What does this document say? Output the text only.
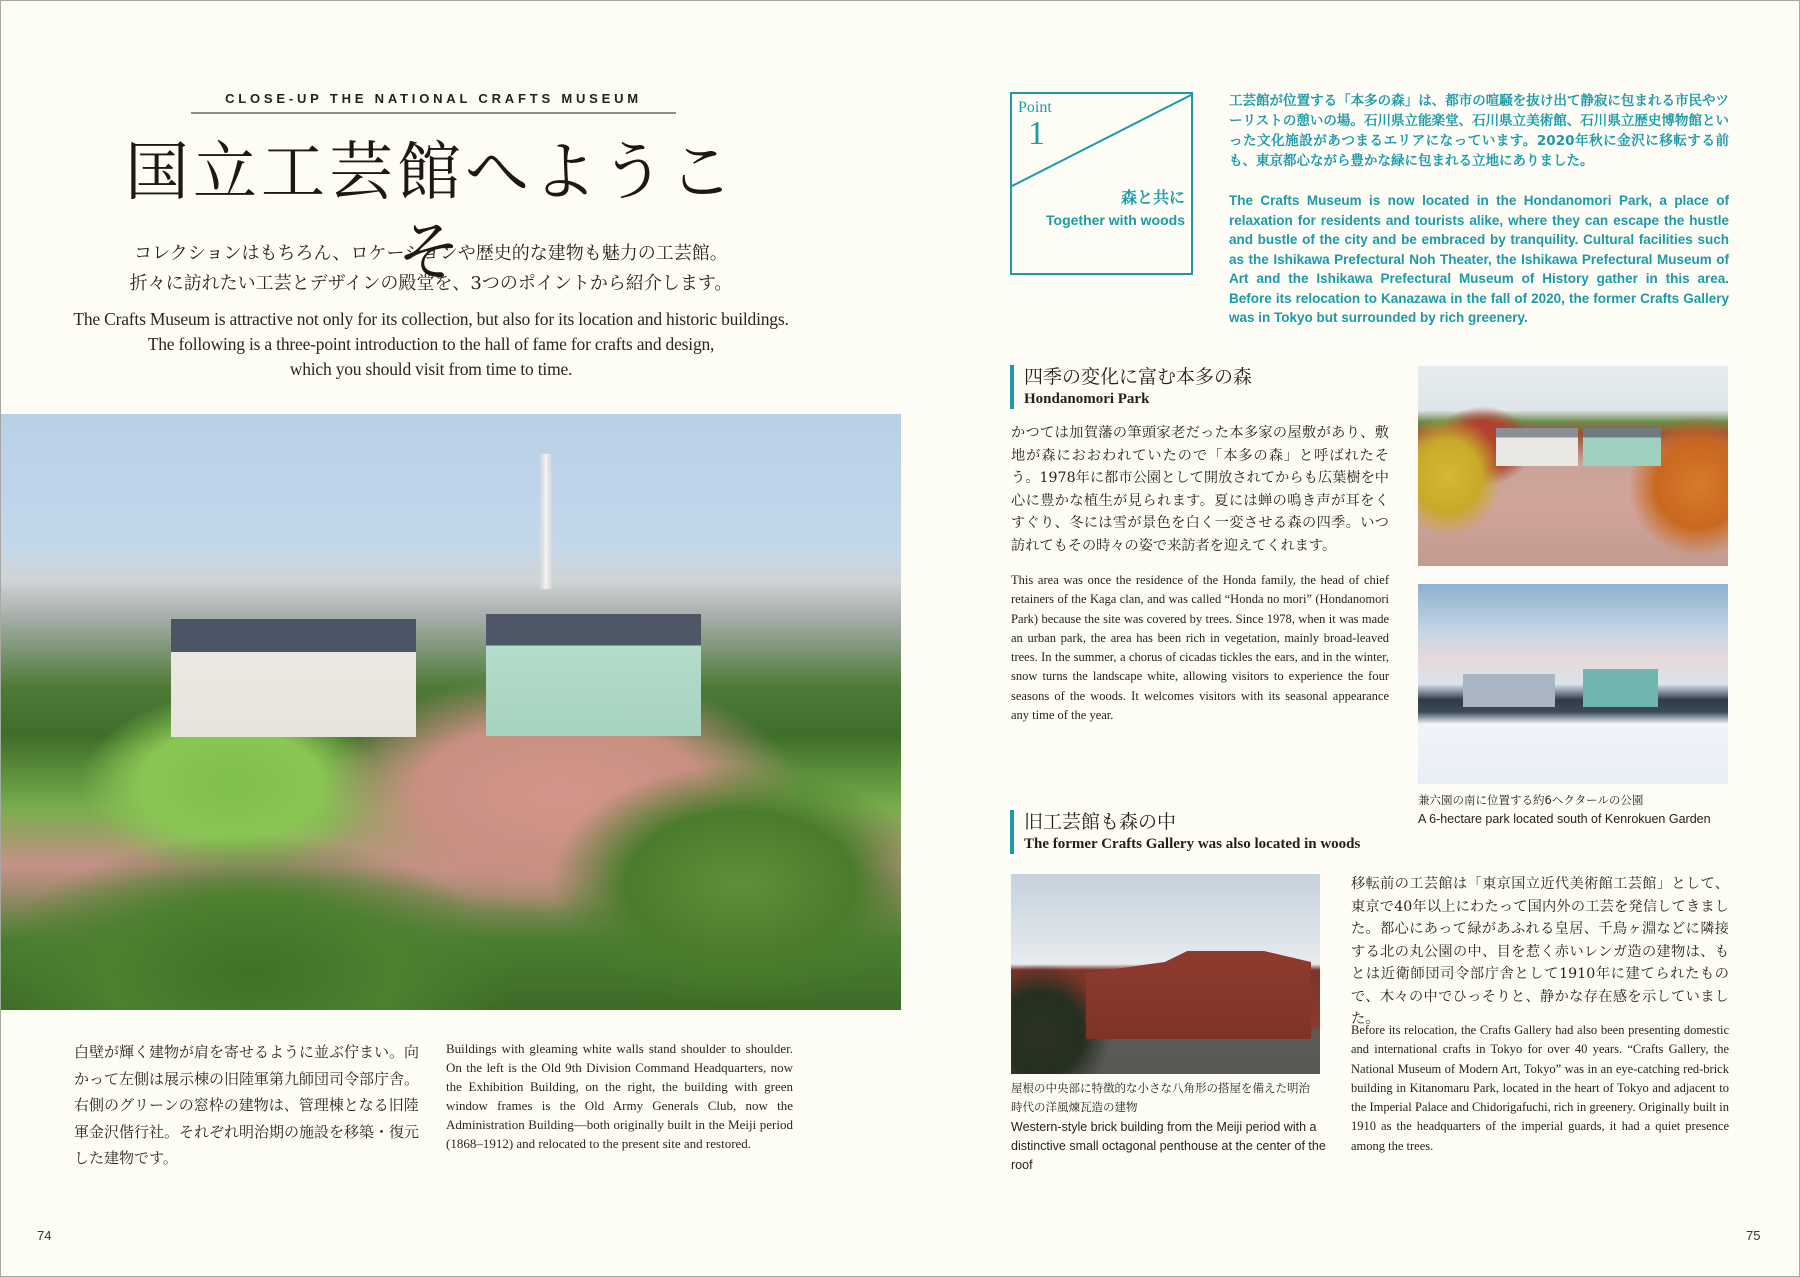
CLOSE-UP THE NATIONAL CRAFTS MUSEUM
国立工芸館へようこそ
コレクションはもちろん、ロケーションや歴史的な建物も魅力の工芸館。
折々に訪れたい工芸とデザインの殿堂を、3つのポイントから紹介します。
The Crafts Museum is attractive not only for its collection, but also for its location and historic buildings.
The following is a three-point introduction to the hall of fame for crafts and design,
which you should visit from time to time.
白壁が輝く建物が肩を寄せるように並ぶ佇まい。向かって左側は展示棟の旧陸軍第九師団司令部庁舎。右側のグリーンの窓枠の建物は、管理棟となる旧陸軍金沢偕行社。それぞれ明治期の施設を移築・復元した建物です。
Buildings with gleaming white walls stand shoulder to shoulder. On the left is the Old 9th Division Command Headquarters, now the Exhibition Building, on the right, the building with green window frames is the Old Army Generals Club, now the Administration Building—both originally built in the Meiji period (1868–1912) and relocated to the present site and restored.
74
Point
1
森と共に
Together with woods
工芸館が位置する「本多の森」は、都市の喧騒を抜け出て静寂に包まれる市民やツーリストの憩いの場。石川県立能楽堂、石川県立美術館、石川県立歴史博物館といった文化施設があつまるエリアになっています。2020年秋に金沢に移転する前も、東京都心ながら豊かな緑に包まれる立地にありました。
The Crafts Museum is now located in the Hondanomori Park, a place of relaxation for residents and tourists alike, where they can escape the hustle and bustle of the city and be embraced by tranquility. Cultural facilities such as the Ishikawa Prefectural Noh Theater, the Ishikawa Prefectural Museum of Art and the Ishikawa Prefectural Museum of History gather in this area. Before its relocation to Kanazawa in the fall of 2020, the former Crafts Gallery was in Tokyo but surrounded by rich greenery.
四季の変化に富む本多の森
Hondanomori Park
かつては加賀藩の筆頭家老だった本多家の屋敷があり、敷地が森におおわれていたので「本多の森」と呼ばれたそう。1978年に都市公園として開放されてからも広葉樹を中心に豊かな植生が見られます。夏には蝉の鳴き声が耳をくすぐり、冬には雪が景色を白く一変させる森の四季。いつ訪れてもその時々の姿で来訪者を迎えてくれます。
This area was once the residence of the Honda family, the head of chief retainers of the Kaga clan, and was called “Honda no mori” (Hondanomori Park) because the site was covered by trees. Since 1978, when it was made an urban park, the area has been rich in vegetation, mainly broad-leaved trees. In the summer, a chorus of cicadas tickles the ears, and in the winter, snow turns the landscape white, allowing visitors to experience the four seasons of the woods. It welcomes visitors with its seasonal appearance any time of the year.
兼六園の南に位置する約6ヘクタールの公園
A 6-hectare park located south of Kenrokuen Garden
旧工芸館も森の中
The former Crafts Gallery was also located in woods
屋根の中央部に特徴的な小さな八角形の搭屋を備えた明治時代の洋風煉瓦造の建物
Western-style brick building from the Meiji period with a distinctive small octagonal penthouse at the center of the roof
移転前の工芸館は「東京国立近代美術館工芸館」として、東京で40年以上にわたって国内外の工芸を発信してきました。都心にあって緑があふれる皇居、千鳥ヶ淵などに隣接する北の丸公園の中、目を惹く赤いレンガ造の建物は、もとは近衛師団司令部庁舎として1910年に建てられたもので、木々の中でひっそりと、静かな存在感を示していました。
Before its relocation, the Crafts Gallery had also been presenting domestic and international crafts in Tokyo for over 40 years. “Crafts Gallery, the National Museum of Modern Art, Tokyo” was in an eye-catching red-brick building in Kitanomaru Park, located in the heart of Tokyo and adjacent to the Imperial Palace and Chidorigafuchi, rich in greenery. Originally built in 1910 as the headquarters of the imperial guards, it had a quiet presence among the trees.
75
